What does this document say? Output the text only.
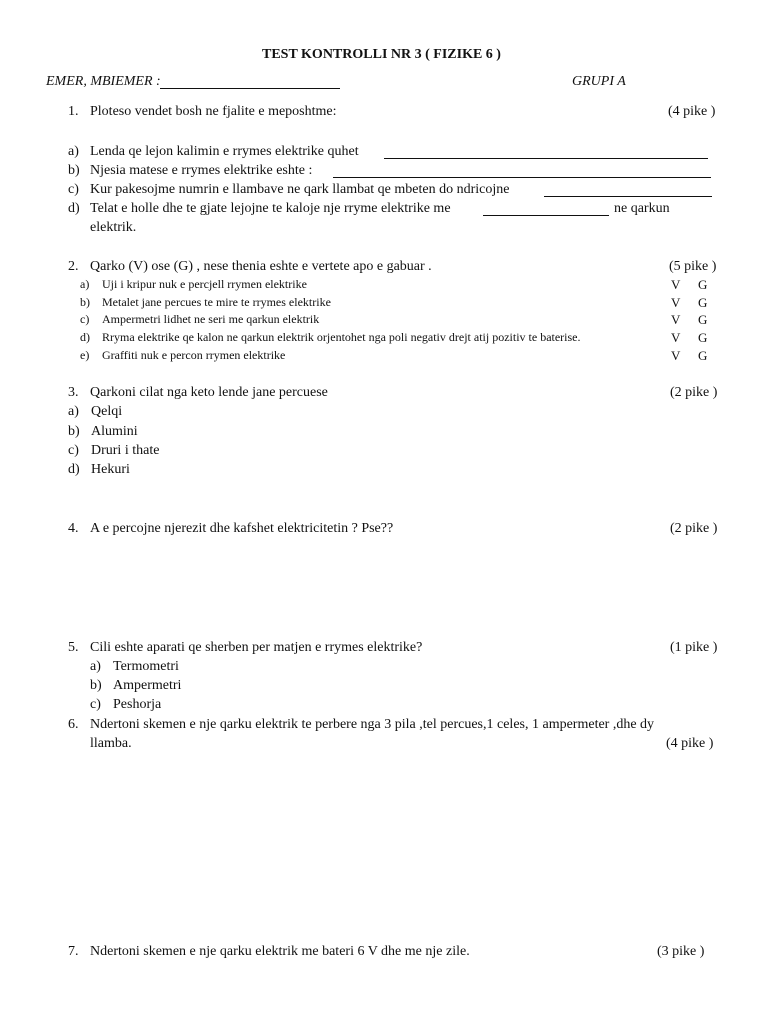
TEST KONTROLLI NR 3 ( FIZIKE 6 )
EMER, MBIEMER :	GRUPI A
1. Ploteso vendet bosh ne fjalite e meposhtme:	(4 pike )
a) Lenda qe lejon kalimin e rrymes elektrike quhet
b) Njesia matese e rrymes elektrike eshte :
c) Kur pakesojme numrin e llambave ne qark llambat qe mbeten do ndricojne
d) Telat e holle dhe te gjate lejojne te kaloje nje rryme elektrike me	ne qarkun
elektrik.
2. Qarko (V) ose (G) , nese thenia eshte e vertete apo e gabuar .	(5 pike )
a) Uji i kripur nuk e percjell rrymen elektrike	V G
b) Metalet jane percues te mire te rrymes elektrike	V G
c) Ampermetri lidhet ne seri me qarkun elektrik	V G
d) Rryma elektrike qe kalon ne qarkun elektrik orjentohet nga poli negativ drejt atij pozitiv te baterise.	V G
e) Graffiti nuk e percon rrymen elektrike	V G
3. Qarkoni cilat nga keto lende jane percuese	(2 pike )
a) Qelqi
b) Alumini
c) Druri i thate
d) Hekuri
4. A e percojne njerezit dhe kafshet elektricitetin ? Pse??	(2 pike )
5. Cili eshte aparati qe sherben per matjen e rrymes elektrike?	(1 pike )
a) Termometri
b) Ampermetri
c) Peshorja
6. Ndertoni skemen e nje qarku elektrik te perbere nga 3 pila ,tel percues,1 celes, 1 ampermeter ,dhe dy
llamba.	(4 pike )
7. Ndertoni skemen e nje qarku elektrik me bateri 6 V dhe me nje zile.	(3 pike )
